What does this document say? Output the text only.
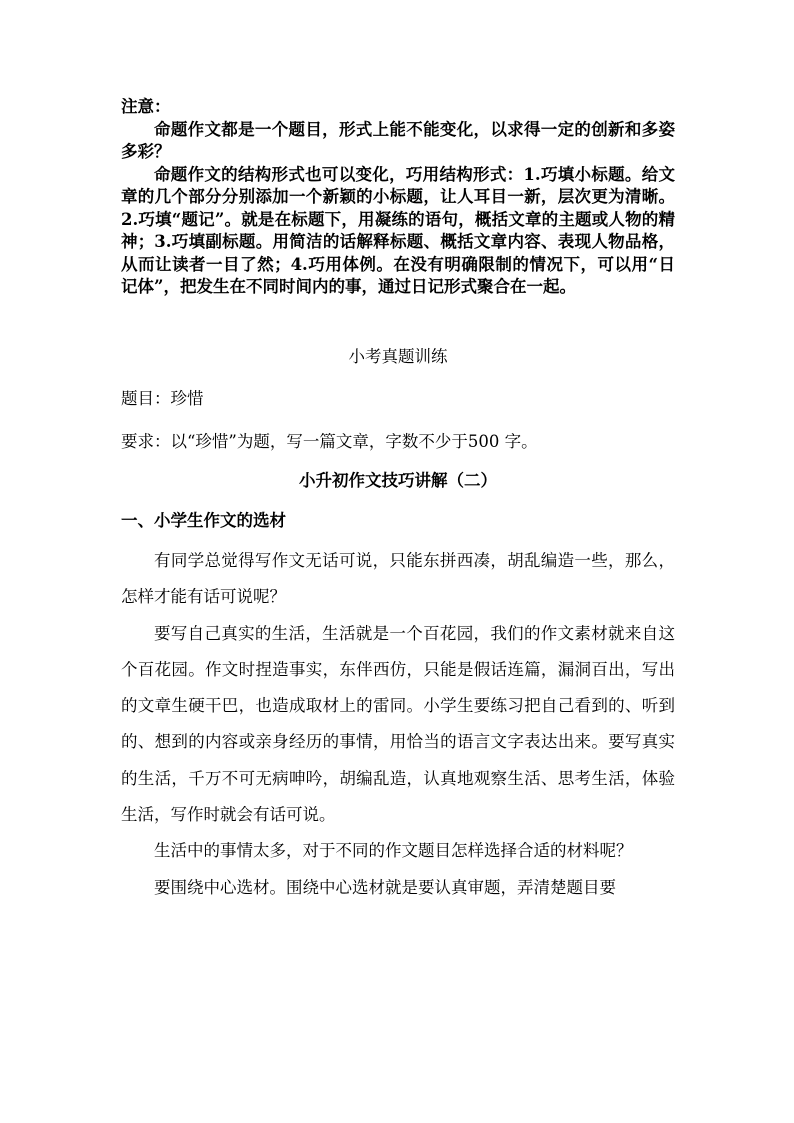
注意：

命题作文都是一个题目，形式上能不能变化，以求得一定的创新和多姿多彩？

命题作文的结构形式也可以变化，巧用结构形式：1.巧填小标题。给文章的几个部分分别添加一个新颖的小标题，让人耳目一新，层次更为清晰。2.巧填“题记”。就是在标题下，用凝练的语句，概括文章的主题或人物的精神；3.巧填副标题。用简洁的话解释标题、概括文章内容、表现人物品格，从而让读者一目了然；4.巧用体例。在没有明确限制的情况下，可以用“日记体”，把发生在不同时间内的事，通过日记形式聚合在一起。

小考真题训练
题目：珍惜
要求：以“珍惜”为题，写一篇文章，字数不少于500 字。
小升初作文技巧讲解（二）
一、小学生作文的选材

有同学总觉得写作文无话可说，只能东拼西凑，胡乱编造一些，那么，怎样才能有话可说呢？

要写自己真实的生活，生活就是一个百花园，我们的作文素材就来自这个百花园。作文时捏造事实，东伴西仿，只能是假话连篇，漏洞百出，写出的文章生硬干巴，也造成取材上的雷同。小学生要练习把自己看到的、听到的、想到的内容或亲身经历的事情，用恰当的语言文字表达出来。要写真实的生活，千万不可无病呻吟，胡编乱造，认真地观察生活、思考生活，体验生活，写作时就会有话可说。

生活中的事情太多，对于不同的作文题目怎样选择合适的材料呢？

要围绕中心选材。围绕中心选材就是要认真审题，弄清楚题目要
